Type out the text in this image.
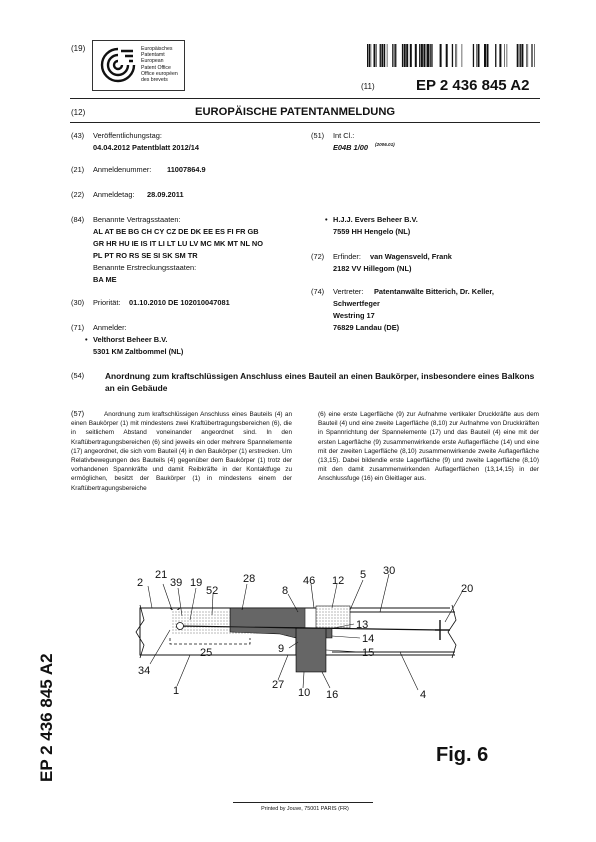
(19)	Europäisches
Patentamt
European
Patent Office
Office européen
des brevets
(11)	EP 2 436 845 A2
(12)	EUROPÄISCHE PATENTANMELDUNG
(43) Veröffentlichungstag:
04.04.2012 Patentblatt 2012/14
(21) Anmeldenummer: 11007864.9
(22) Anmeldetag: 28.09.2011
(84) Benannte Vertragsstaaten:
AL AT BE BG CH CY CZ DE DK EE ES FI FR GB
GR HR HU IE IS IT LI LT LU LV MC MK MT NL NO
PL PT RO RS SE SI SK SM TR
Benannte Erstreckungsstaaten:
BA ME
(30) Priorität: 01.10.2010 DE 102010047081
(71) Anmelder:
• Velthorst Beheer B.V.
5301 KM Zaltbommel (NL)
(51) Int Cl.:
E04B 1/00 (2006.01)
• H.J.J. Evers Beheer B.V.
7559 HH Hengelo (NL)
(72) Erfinder: van Wagensveld, Frank
2182 VV Hillegom (NL)
(74) Vertreter: Patentanwälte Bitterich, Dr. Keller,
Schwertfeger
Westring 17
76829 Landau (DE)
(54) Anordnung zum kraftschlüssigen Anschluss eines Bauteil an einen Baukörper, insbesondere eines Balkons an ein Gebäude
(57)	Anordnung zum kraftschlüssigen Anschluss eines Bauteils (4) an einen Baukörper (1) mit mindestens zwei Kraftübertragungsbereichen (6), die in seitlichem Abstand voneinander angeordnet sind. In den Kraftübertragungsbereichen (6) sind jeweils ein oder mehrere Spannelemente (17) angeordnet, die sich vom Bauteil (4) in den Baukörper (1) erstrecken. Um Relativbewegungen des Bauteils (4) gegenüber dem Baukörper (1) trotz der vorhandenen Spannkräfte und damit Reibkräfte in der Kontaktfuge zu ermöglichen, besitzt der Baukörper (1) in mindestens einem der Kraftübertragungsbereiche
(6) eine erste Lagerfläche (9) zur Aufnahme vertikaler Druckkräfte aus dem Bauteil (4) und eine zweite Lagerfläche (8,10) zur Aufnahme von Druckkräften in Spannrichtung der Spannelemente (17) und das Bauteil (4) eine mit der ersten Lagerfläche (9) zusammenwirkende erste Auflagerfläche (14) und eine mit der zweiten Lagerfläche (8,10) zusammenwirkende zweite Auflagerfläche (13,15). Dabei bildendie erste Lagerfläche (9) und zweite Lagerfläche (8,10) mit den damit zusammenwirkenden Auflagerflächen (13,14,15) in der Anschlussfuge (16) ein Gleitlager aus.
2
21
39 19
52
28
8
46 12 5 30
20
13
14
9	15
34
25
27
10 16
1	4
Fig. 6
EP 2 436 845 A2
Printed by Jouve, 75001 PARIS (FR)
